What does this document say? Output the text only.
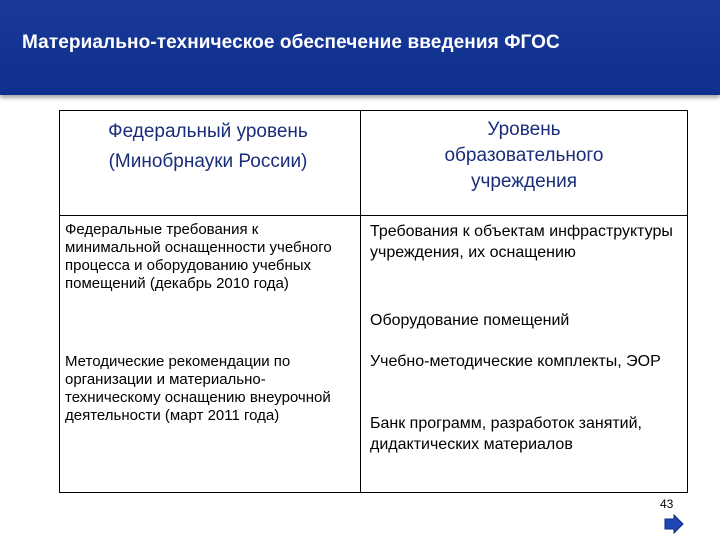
Материально-техническое обеспечение введения ФГОС
Федеральный уровень
(Минобрнауки России)
Уровень
образовательного
учреждения
Федеральные требования к минимальной оснащенности учебного процесса и оборудованию учебных помещений (декабрь 2010 года)
Методические рекомендации по организации и материально-техническому оснащению внеурочной деятельности (март 2011 года)
Требования к объектам инфраструктуры учреждения, их оснащению
Оборудование помещений
Учебно-методические комплекты, ЭОР
Банк программ, разработок занятий, дидактических материалов
43
